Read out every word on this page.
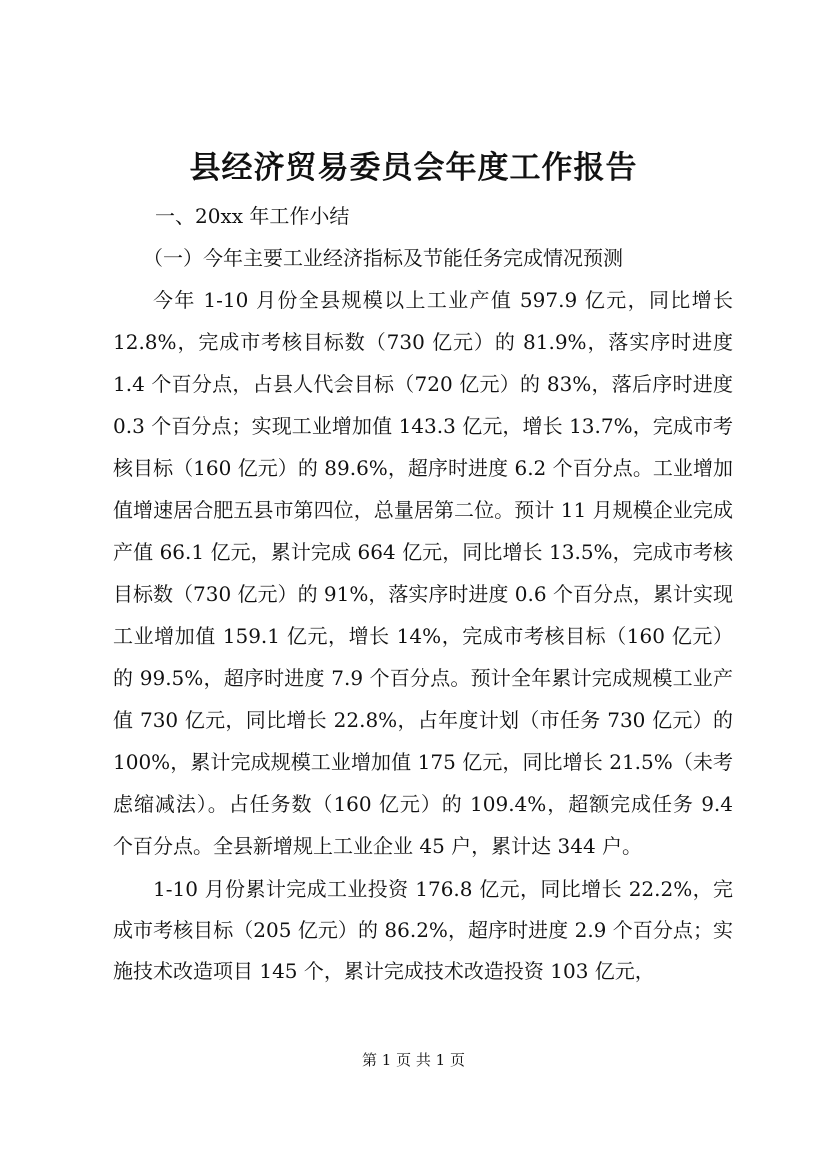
县经济贸易委员会年度工作报告

一、20xx 年工作小结

（一）今年主要工业经济指标及节能任务完成情况预测

今年 1-10 月份全县规模以上工业产值 597.9 亿元，同比增长 12.8%，完成市考核目标数（730 亿元）的 81.9%，落实序时进度 1.4 个百分点，占县人代会目标（720 亿元）的 83%，落后序时进度 0.3 个百分点；实现工业增加值 143.3 亿元，增长 13.7%，完成市考核目标（160 亿元）的 89.6%，超序时进度 6.2 个百分点。工业增加值增速居合肥五县市第四位，总量居第二位。预计 11 月规模企业完成产值 66.1 亿元，累计完成 664 亿元，同比增长 13.5%，完成市考核目标数（730 亿元）的 91%，落实序时进度 0.6 个百分点，累计实现工业增加值 159.1 亿元，增长 14%，完成市考核目标（160 亿元）的 99.5%，超序时进度 7.9 个百分点。预计全年累计完成规模工业产值 730 亿元，同比增长 22.8%，占年度计划（市任务 730 亿元）的 100%，累计完成规模工业增加值 175 亿元，同比增长 21.5%（未考虑缩减法）。占任务数（160 亿元）的 109.4%，超额完成任务 9.4 个百分点。全县新增规上工业企业 45 户，累计达 344 户。

1-10 月份累计完成工业投资 176.8 亿元，同比增长 22.2%，完成市考核目标（205 亿元）的 86.2%，超序时进度 2.9 个百分点；实施技术改造项目 145 个，累计完成技术改造投资 103 亿元，

第 1 页 共 1 页
